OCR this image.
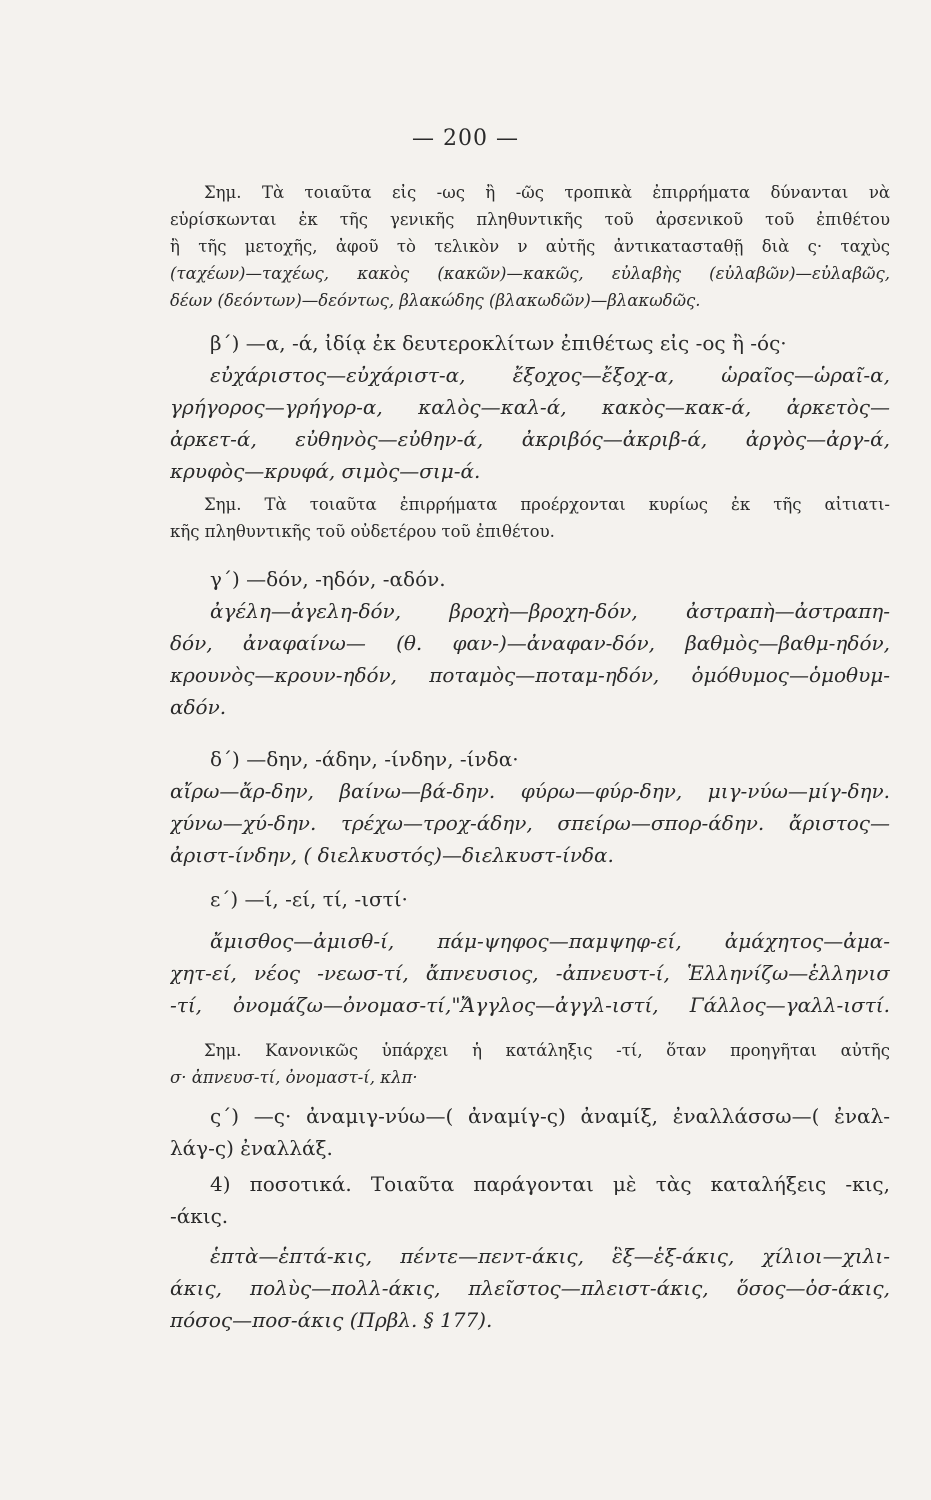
— 200 —
Σημ. Τὰ τοιαῦτα εἰς -ως ἢ -ῶς τροπικὰ ἐπιρρήματα δύνανται νὰ
εὑρίσκωνται ἐκ τῆς γενικῆς πληθυντικῆς τοῦ ἀρσενικοῦ τοῦ ἐπιθέτου
ἢ τῆς μετοχῆς, ἀφοῦ τὸ τελικὸν ν αὐτῆς ἀντικατασταθῇ διὰ ς· ταχὺς
(ταχέων)—ταχέως, κακὸς (κακῶν)—κακῶς, εὐλαβὴς (εὐλαβῶν)—εὐλαβῶς,
δέων (δεόντων)—δεόντως, βλακώδης (βλακωδῶν)—βλακωδῶς.
β΄) —α, -ά, ἰδίᾳ ἐκ δευτεροκλίτων ἐπιθέτως εἰς -ος ἢ -ός·
εὐχάριστος—εὐχάριστ-α, ἔξοχος—ἔξοχ-α, ὡραῖος—ὡραῖ-α,
γρήγορος—γρήγορ-α, καλὸς—καλ-ά, κακὸς—κακ-ά, ἀρκετὸς—
ἀρκετ-ά, εὐθηνὸς—εὐθην-ά, ἀκριβός—ἀκριβ-ά, ἀργὸς—ἀργ-ά,
κρυφὸς—κρυφά, σιμὸς—σιμ-ά.
Σημ. Τὰ τοιαῦτα ἐπιρρήματα προέρχονται κυρίως ἐκ τῆς αἰτιατι-
κῆς πληθυντικῆς τοῦ οὐδετέρου τοῦ ἐπιθέτου.
γ΄) —δόν, -ηδόν, -αδόν.
ἀγέλη—ἀγελη-δόν, βροχὴ—βροχη-δόν, ἀστραπὴ—ἀστραπη-
δόν, ἀναφαίνω— (θ. φαν-)—ἀναφαν-δόν, βαθμὸς—βαθμ-ηδόν,
κρουνὸς—κρουν-ηδόν, ποταμὸς—ποταμ-ηδόν, ὁμόθυμος—ὁμοθυμ-
αδόν.
δ΄) —δην, -άδην, -ίνδην, -ίνδα·
αἴρω—ἄρ-δην, βαίνω—βά-δην. φύρω—φύρ-δην, μιγ-νύω—μίγ-δην.
χύνω—χύ-δην. τρέχω—τροχ-άδην, σπείρω—σπορ-άδην. ἄριστος—
ἀριστ-ίνδην, ( διελκυστός)—διελκυστ-ίνδα.
ε΄) —ί, -εί, τί, -ιστί·
ἄμισθος—ἀμισθ-ί, πάμ-ψηφος—παμψηφ-εί, ἀμάχητος—ἀμα-
χητ-εί, νέος -νεωσ-τί, ἄπνευσιος, -ἀπνευστ-ί, Ἑλληνίζω—ἑλληνισ
-τί, ὀνομάζω—ὀνομασ-τί,"Ἄγγλος—ἀγγλ-ιστί, Γάλλος—γαλλ-ιστί.
Σημ. Κανονικῶς ὑπάρχει ἡ κατάληξις -τί, ὅταν προηγῆται αὐτῆς
σ· ἀπνευσ-τί, ὀνομαστ-ί, κλπ·
ς΄) —ς· ἀναμιγ-νύω—( ἀναμίγ-ς) ἀναμίξ, ἐναλλάσσω—( ἐναλ-
λάγ-ς) ἐναλλάξ.
4) ποσοτικά. Τοιαῦτα παράγονται μὲ τὰς καταλήξεις -κις,
-άκις.
ἑπτὰ—ἑπτά-κις, πέντε—πεντ-άκις, ἓξ—ἑξ-άκις, χίλιοι—χιλι-
άκις, πολὺς—πολλ-άκις, πλεῖστος—πλειστ-άκις, ὅσος—ὁσ-άκις,
πόσος—ποσ-άκις (Πρβλ. § 177).
